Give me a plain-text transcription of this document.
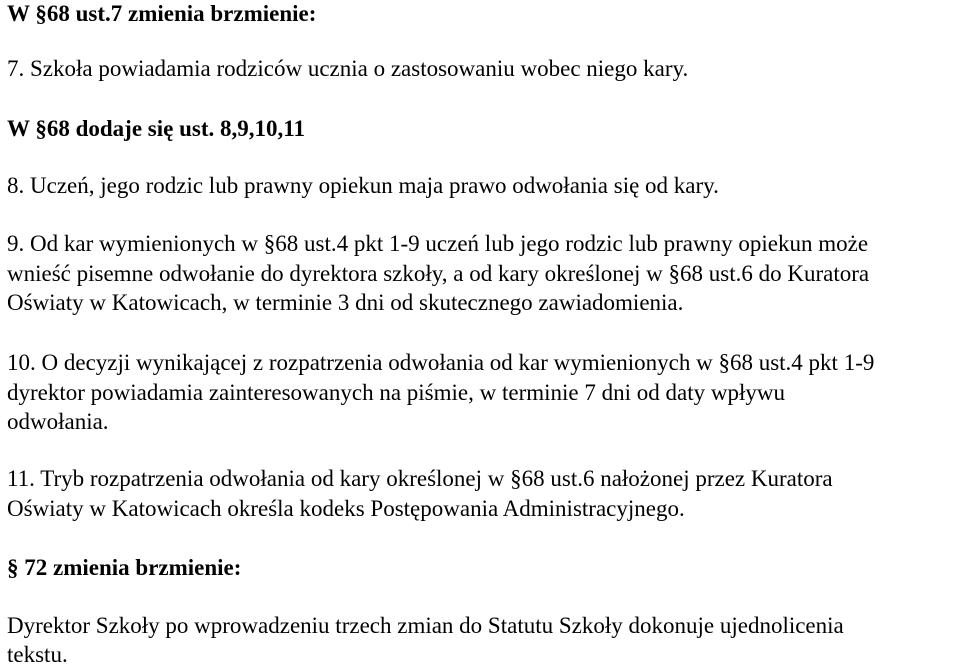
W §68 ust.7 zmienia brzmienie:
7. Szkoła powiadamia rodziców ucznia o zastosowaniu wobec niego kary.
W §68 dodaje się ust. 8,9,10,11
8. Uczeń, jego rodzic lub prawny opiekun maja prawo odwołania się od kary.
9. Od kar wymienionych w §68 ust.4 pkt 1-9 uczeń lub jego rodzic lub prawny opiekun może
wnieść pisemne odwołanie do dyrektora szkoły, a od kary określonej w §68 ust.6 do Kuratora
Oświaty w Katowicach, w terminie 3 dni od skutecznego zawiadomienia.
10. O decyzji wynikającej z rozpatrzenia odwołania od kar wymienionych w §68 ust.4 pkt 1-9
dyrektor powiadamia zainteresowanych na piśmie, w terminie 7 dni od daty wpływu
odwołania.
11. Tryb rozpatrzenia odwołania od kary określonej w §68 ust.6 nałożonej przez Kuratora
Oświaty w Katowicach określa kodeks Postępowania Administracyjnego.
§ 72 zmienia brzmienie:
Dyrektor Szkoły po wprowadzeniu trzech zmian do Statutu Szkoły dokonuje ujednolicenia
tekstu.
